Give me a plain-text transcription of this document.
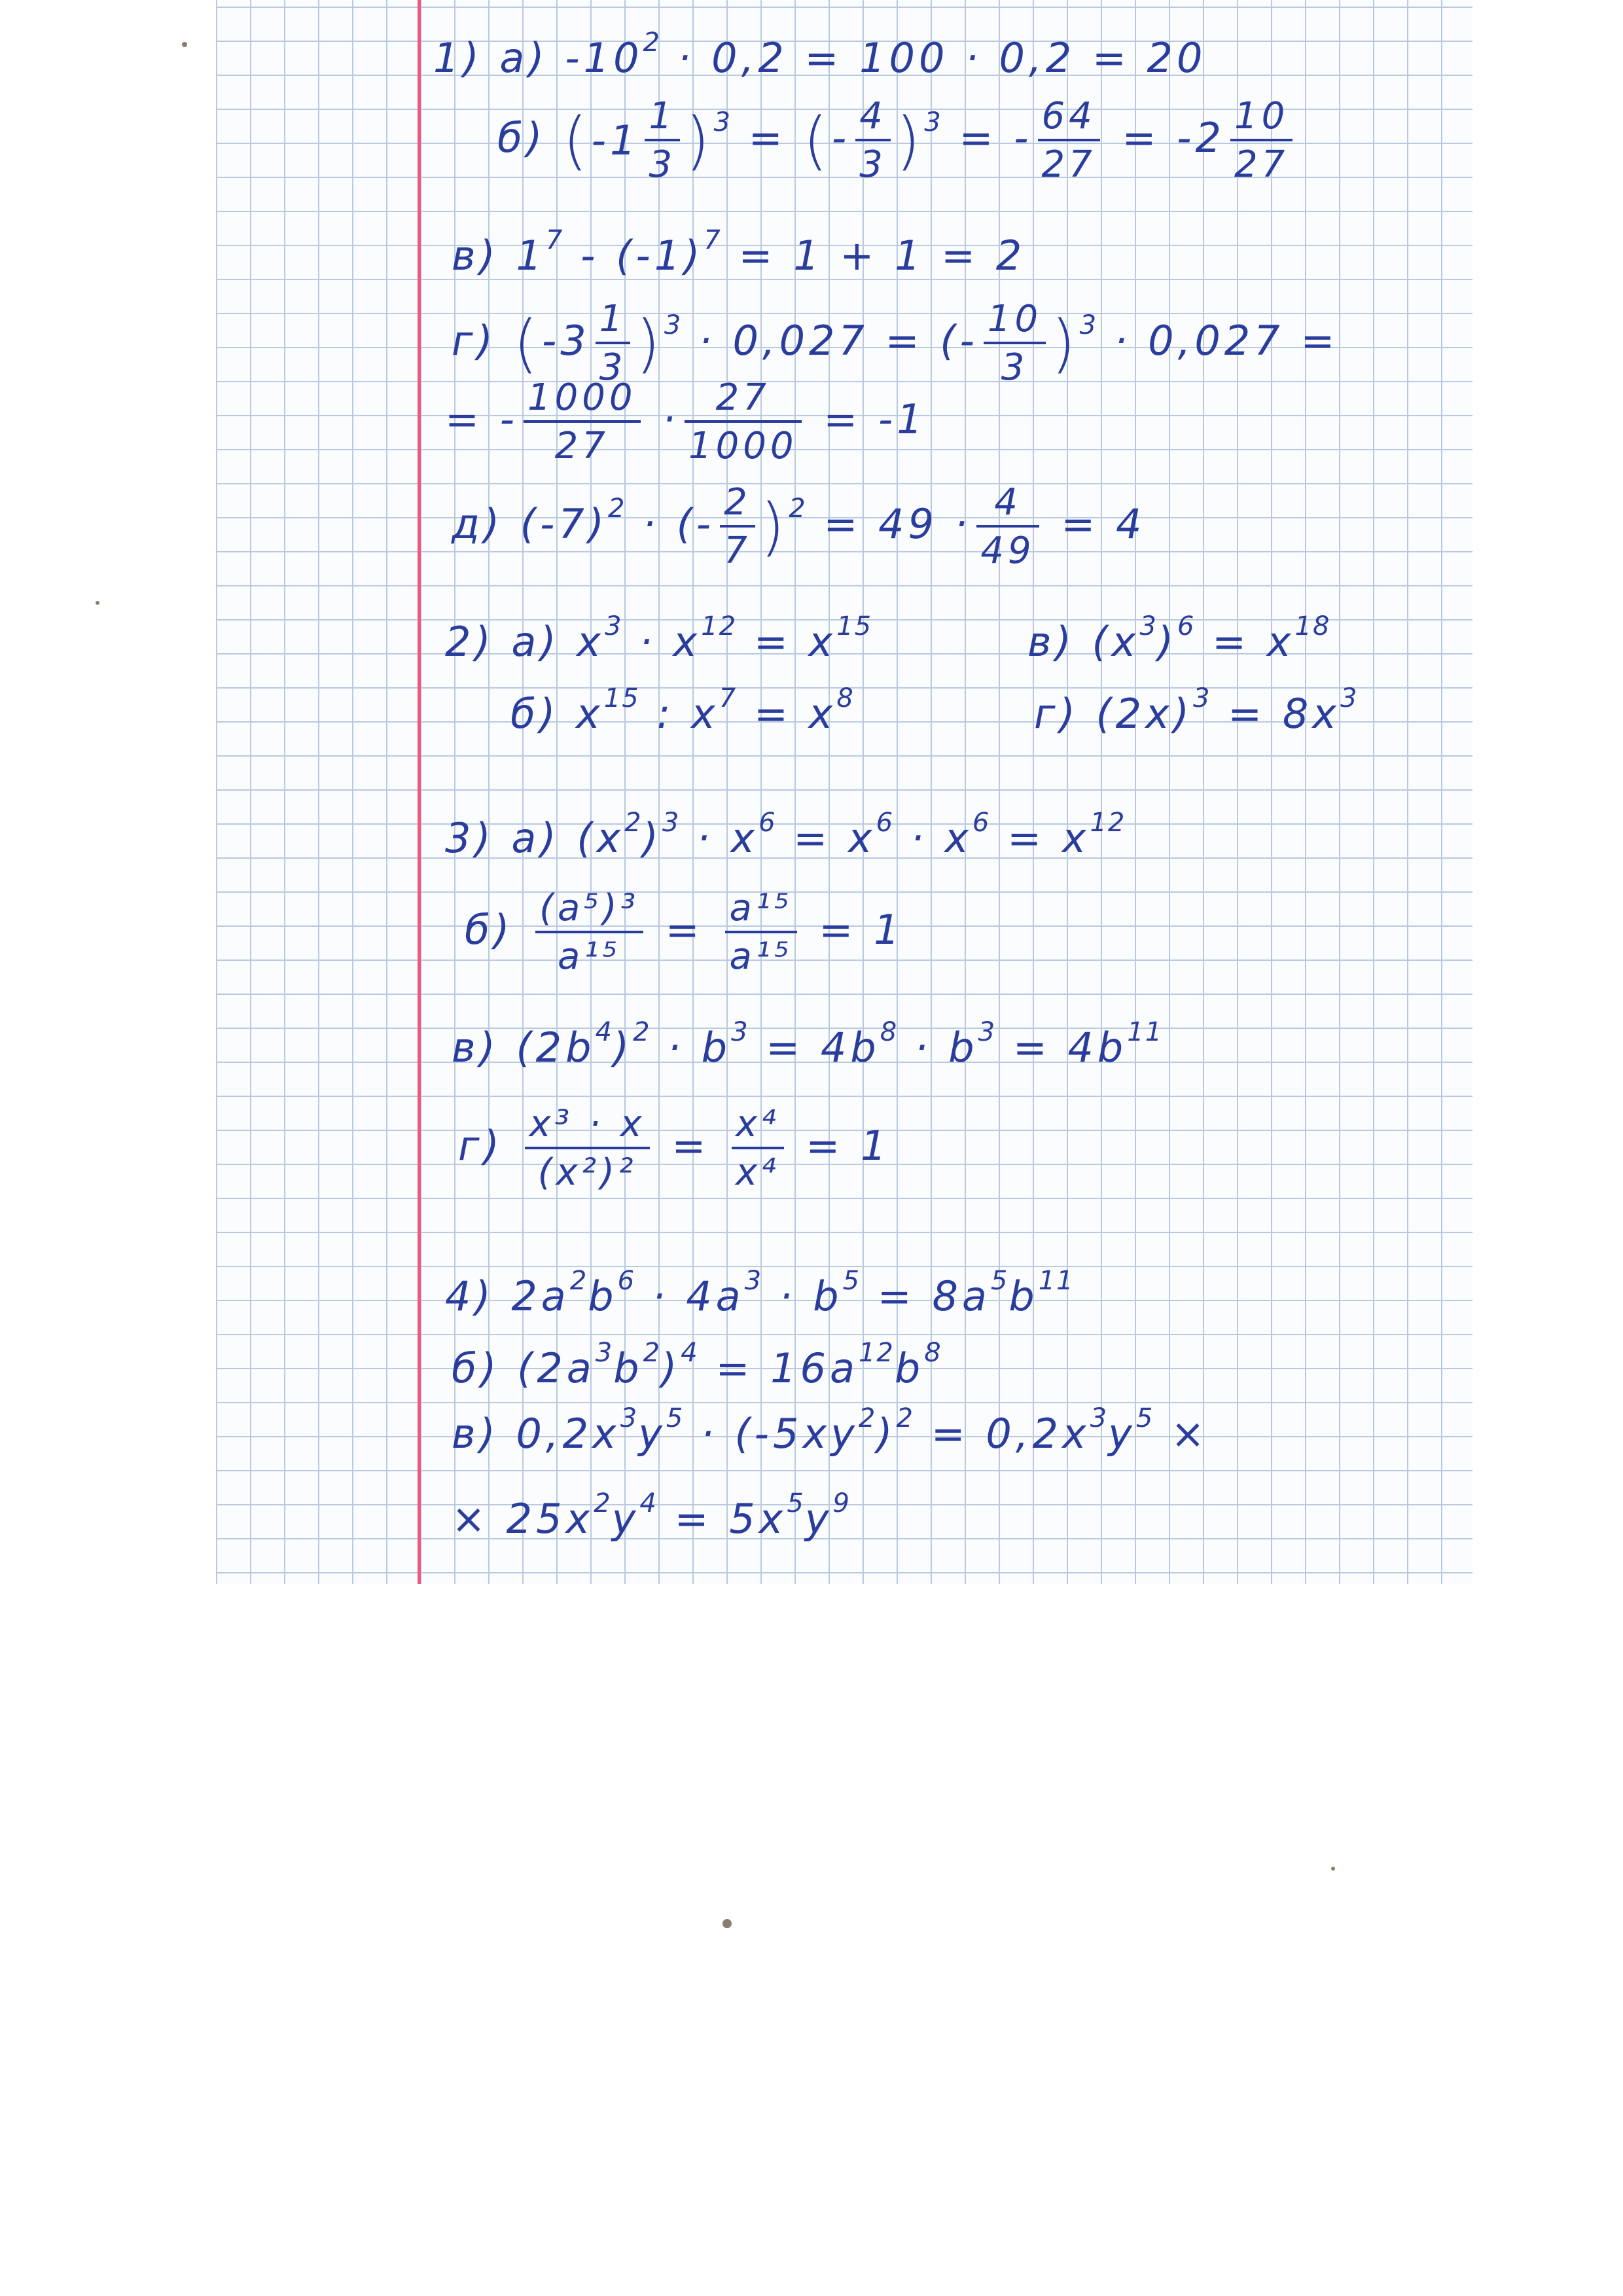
1) а) $-10^2 \cdot 0,2 = 100 \cdot 0,2 = 20$
б) $(-1 \frac{1}{3} )^3$ = (- $\frac{4}{3} )^3$ = - $\frac{64}{27} = -2 \frac{10}{27}$
в) $1^7 - (-1)^7 = 1 + 1 = 2$
г) $(-3 \frac{1}{3} )^3 \cdot 0,027$ = (- $\frac{10}{3} )^3 \cdot 0,027$ =
= - $\frac{1000}{27} \cdot \frac{27}{1000} = -1$
д) $(-7)^2$ · (- $\frac{2}{7} )^2 = 49 \cdot \frac{4}{49} = 4$
2) а) $x^3 \cdot x^{12} = x^{15}$	в) $(x^3)^6 = x^{18}$
б) $x^{15}$ : $x^7 = x^8$	г) $(2x)^3 = 8x^3$
3) а) $(x^2)^3 \cdot x^6 = x^6 \cdot x^6 = x^{12}$
$б) \frac{\text{(a⁵)³}}{\text{a¹⁵}} = \frac{\text{a¹⁵}}{\text{a¹⁵}} = 1$
в) $(2b^4)^2 \cdot b^3 = 4b^8 \cdot b^3 = 4b^{11}$
$г) \frac{\text{x³ · x}}{\text{(x²)²}} = \frac{\text{x⁴}}{\text{x⁴}} = 1$
4) $2a^2b^6 \cdot 4a^3 \cdot b^5 = 8a^5b^{11}$
б) $(2a^3b^2)^4 = 16a^{12}b^8$
в) $0,2x^3y^5 \cdot (-5xy^2)^2 = 0,2x^3y^5$ ×
× $25x^2y^4 = 5x^5y^9$
